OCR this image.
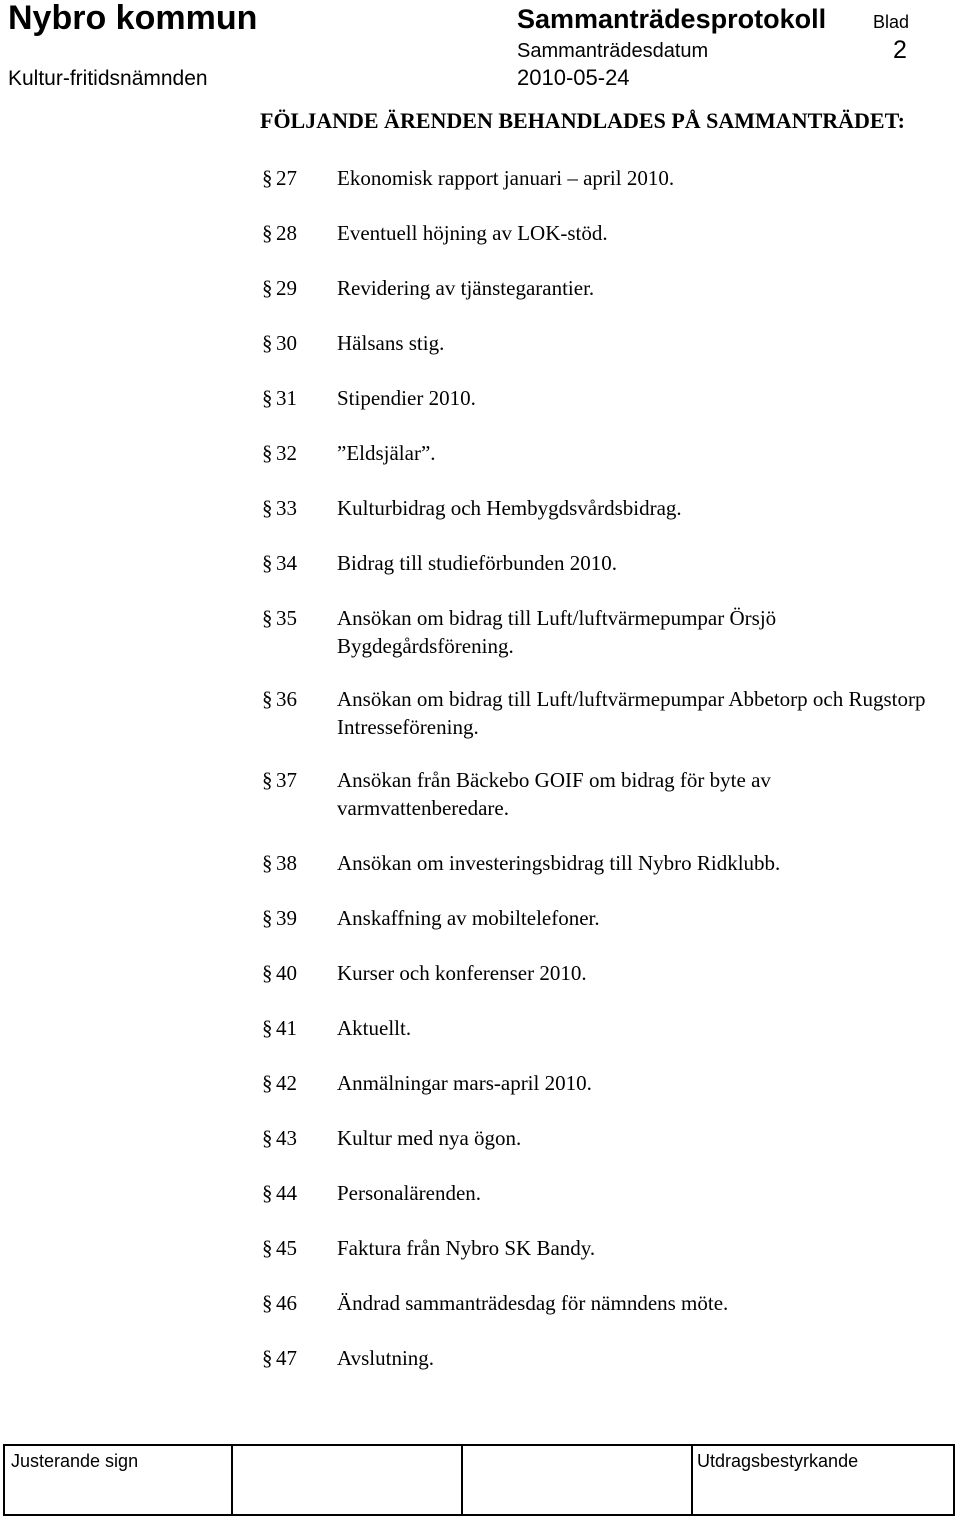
Nybro kommun	Sammanträdesprotokoll	Blad
Sammanträdesdatum	2
Kultur-fritidsnämnden	2010-05-24
FÖLJANDE ÄRENDEN BEHANDLADES PÅ SAMMANTRÄDET:
§ 27 Ekonomisk rapport januari – april 2010.
§ 28 Eventuell höjning av LOK-stöd.
§ 29 Revidering av tjänstegarantier.
§ 30 Hälsans stig.
§ 31 Stipendier 2010.
§ 32 ”Eldsjälar”.
§ 33 Kulturbidrag och Hembygdsvårdsbidrag.
§ 34 Bidrag till studieförbunden 2010.
§ 35 Ansökan om bidrag till Luft/luftvärmepumpar Örsjö Bygdegårdsförening.
§ 36 Ansökan om bidrag till Luft/luftvärmepumpar Abbetorp och Rugstorp Intresseförening.
§ 37 Ansökan från Bäckebo GOIF om bidrag för byte av varmvattenberedare.
§ 38 Ansökan om investeringsbidrag till Nybro Ridklubb.
§ 39 Anskaffning av mobiltelefoner.
§ 40 Kurser och konferenser 2010.
§ 41 Aktuellt.
§ 42 Anmälningar mars-april 2010.
§ 43 Kultur med nya ögon.
§ 44 Personalärenden.
§ 45 Faktura från Nybro SK Bandy.
§ 46 Ändrad sammanträdesdag för nämndens möte.
§ 47 Avslutning.
Justerande sign	Utdragsbestyrkande
